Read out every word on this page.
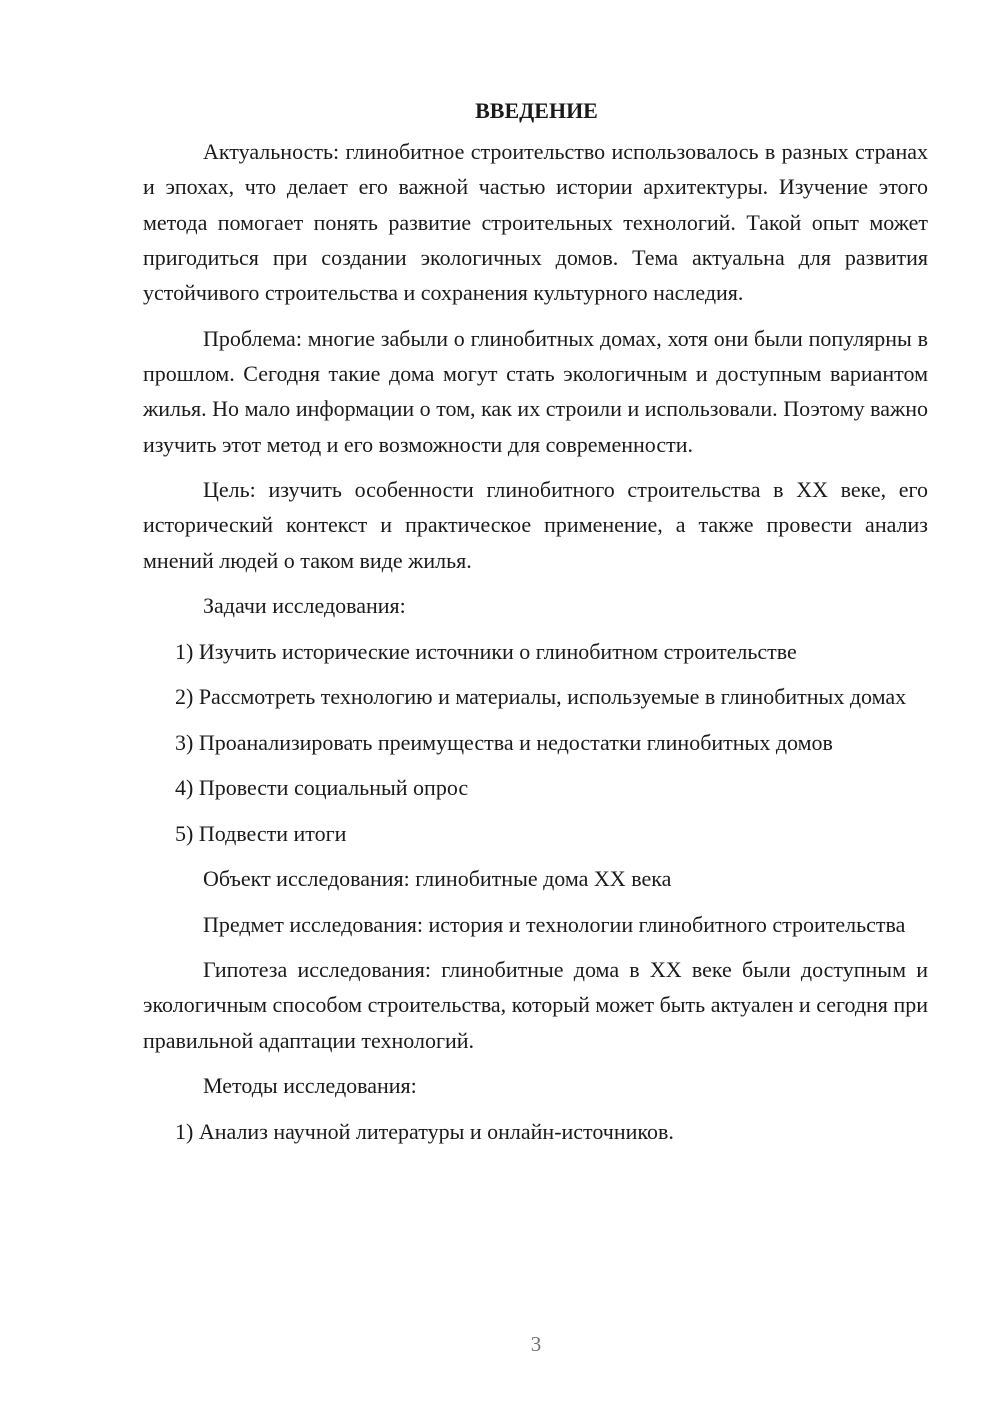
ВВЕДЕНИЕ

Актуальность: глинобитное строительство использовалось в разных странах и эпохах, что делает его важной частью истории архитектуры. Изучение этого метода помогает понять развитие строительных технологий. Такой опыт может пригодиться при создании экологичных домов. Тема актуальна для развития устойчивого строительства и сохранения культурного наследия.

Проблема: многие забыли о глинобитных домах, хотя они были популярны в прошлом. Сегодня такие дома могут стать экологичным и доступным вариантом жилья. Но мало информации о том, как их строили и использовали. Поэтому важно изучить этот метод и его возможности для современности.

Цель: изучить особенности глинобитного строительства в XX веке, его исторический контекст и практическое применение, а также провести анализ мнений людей о таком виде жилья.

Задачи исследования:

1) Изучить исторические источники о глинобитном строительстве

2) Рассмотреть технологию и материалы, используемые в глинобитных домах

3) Проанализировать преимущества и недостатки глинобитных домов

4) Провести социальный опрос

5) Подвести итоги

Объект исследования: глинобитные дома XX века

Предмет исследования: история и технологии глинобитного строительства

Гипотеза исследования: глинобитные дома в XX веке были доступным и экологичным способом строительства, который может быть актуален и сегодня при правильной адаптации технологий.

Методы исследования:

1) Анализ научной литературы и онлайн-источников.

3
